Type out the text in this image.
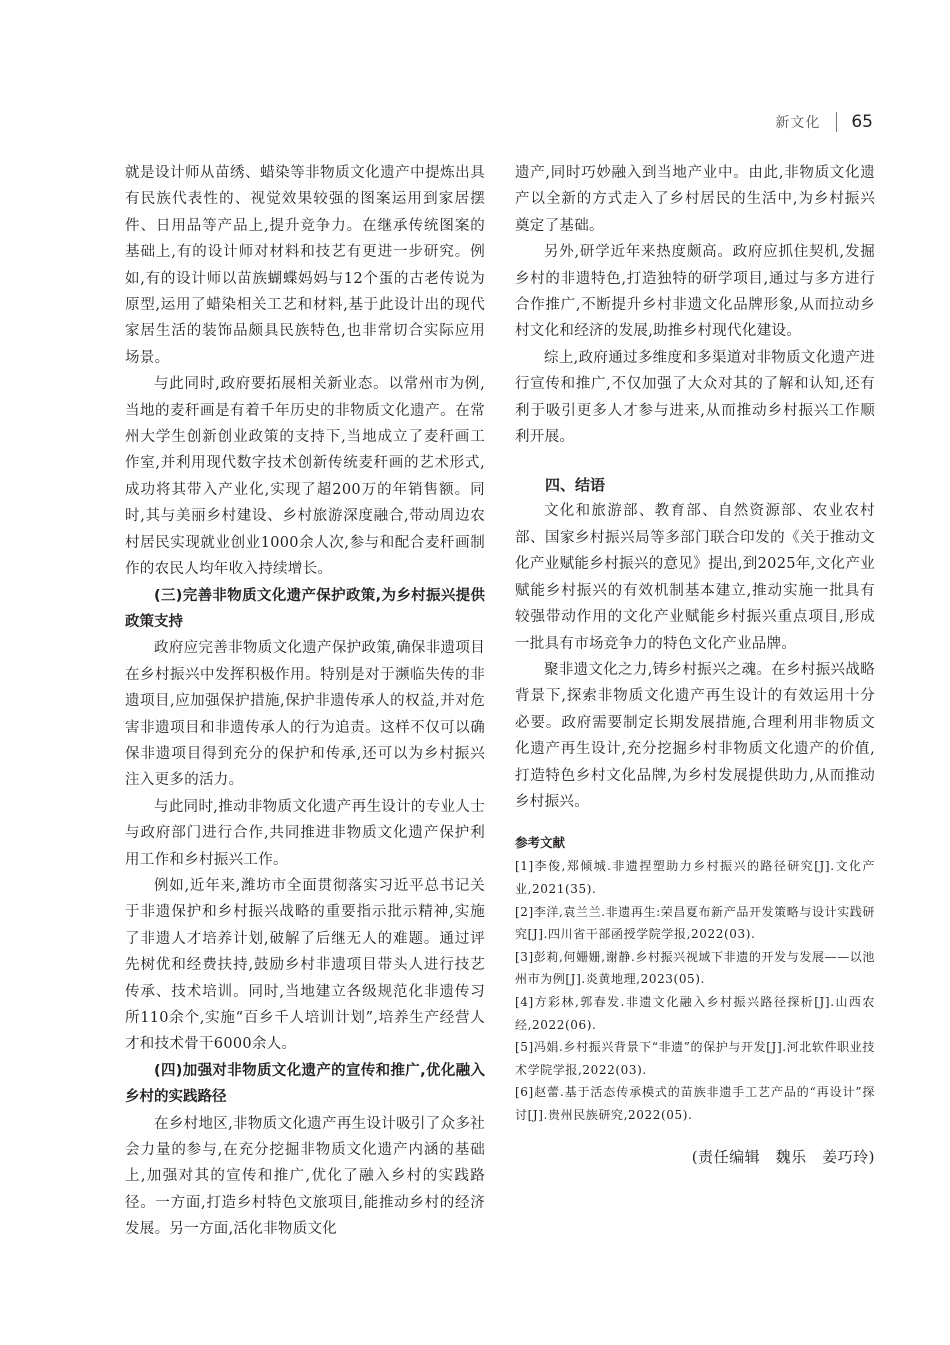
新文化 65

就是设计师从苗绣、蜡染等非物质文化遗产中提炼出具有民族代表性的、视觉效果较强的图案运用到家居摆件、日用品等产品上,提升竞争力。在继承传统图案的基础上,有的设计师对材料和技艺有更进一步研究。例如,有的设计师以苗族蝴蝶妈妈与12个蛋的古老传说为原型,运用了蜡染相关工艺和材料,基于此设计出的现代家居生活的装饰品颇具民族特色,也非常切合实际应用场景。

与此同时,政府要拓展相关新业态。以常州市为例,当地的麦秆画是有着千年历史的非物质文化遗产。在常州大学生创新创业政策的支持下,当地成立了麦秆画工作室,并利用现代数字技术创新传统麦秆画的艺术形式,成功将其带入产业化,实现了超200万的年销售额。同时,其与美丽乡村建设、乡村旅游深度融合,带动周边农村居民实现就业创业1000余人次,参与和配合麦秆画制作的农民人均年收入持续增长。

(三)完善非物质文化遗产保护政策,为乡村振兴提供政策支持

政府应完善非物质文化遗产保护政策,确保非遗项目在乡村振兴中发挥积极作用。特别是对于濒临失传的非遗项目,应加强保护措施,保护非遗传承人的权益,并对危害非遗项目和非遗传承人的行为追责。这样不仅可以确保非遗项目得到充分的保护和传承,还可以为乡村振兴注入更多的活力。

与此同时,推动非物质文化遗产再生设计的专业人士与政府部门进行合作,共同推进非物质文化遗产保护利用工作和乡村振兴工作。

例如,近年来,潍坊市全面贯彻落实习近平总书记关于非遗保护和乡村振兴战略的重要指示批示精神,实施了非遗人才培养计划,破解了后继无人的难题。通过评先树优和经费扶持,鼓励乡村非遗项目带头人进行技艺传承、技术培训。同时,当地建立各级规范化非遗传习所110余个,实施“百乡千人培训计划”,培养生产经营人才和技术骨干6000余人。

(四)加强对非物质文化遗产的宣传和推广,优化融入乡村的实践路径

在乡村地区,非物质文化遗产再生设计吸引了众多社会力量的参与,在充分挖掘非物质文化遗产内涵的基础上,加强对其的宣传和推广,优化了融入乡村的实践路径。一方面,打造乡村特色文旅项目,能推动乡村的经济发展。另一方面,活化非物质文化

遗产,同时巧妙融入到当地产业中。由此,非物质文化遗产以全新的方式走入了乡村居民的生活中,为乡村振兴奠定了基础。

另外,研学近年来热度颇高。政府应抓住契机,发掘乡村的非遗特色,打造独特的研学项目,通过与多方进行合作推广,不断提升乡村非遗文化品牌形象,从而拉动乡村文化和经济的发展,助推乡村现代化建设。

综上,政府通过多维度和多渠道对非物质文化遗产进行宣传和推广,不仅加强了大众对其的了解和认知,还有利于吸引更多人才参与进来,从而推动乡村振兴工作顺利开展。

四、结语

文化和旅游部、教育部、自然资源部、农业农村部、国家乡村振兴局等多部门联合印发的《关于推动文化产业赋能乡村振兴的意见》提出,到2025年,文化产业赋能乡村振兴的有效机制基本建立,推动实施一批具有较强带动作用的文化产业赋能乡村振兴重点项目,形成一批具有市场竞争力的特色文化产业品牌。

聚非遗文化之力,铸乡村振兴之魂。在乡村振兴战略背景下,探索非物质文化遗产再生设计的有效运用十分必要。政府需要制定长期发展措施,合理利用非物质文化遗产再生设计,充分挖掘乡村非物质文化遗产的价值,打造特色乡村文化品牌,为乡村发展提供助力,从而推动乡村振兴。

参考文献

[1]李俊,郑倾城.非遗捏塑助力乡村振兴的路径研究[J].文化产业,2021(35).

[2]李洋,袁兰兰.非遗再生:荣昌夏布新产品开发策略与设计实践研究[J].四川省干部函授学院学报,2022(03).

[3]彭莉,何姗姗,谢静.乡村振兴视域下非遗的开发与发展——以池州市为例[J].炎黄地理,2023(05).

[4]方彩林,郭春发.非遗文化融入乡村振兴路径探析[J].山西农经,2022(06).

[5]冯娟.乡村振兴背景下“非遗”的保护与开发[J].河北软件职业技术学院学报,2022(03).

[6]赵蕾.基于活态传承模式的苗族非遗手工艺产品的“再设计”探讨[J].贵州民族研究,2022(05).

(责任编辑　魏乐　姜巧玲)
